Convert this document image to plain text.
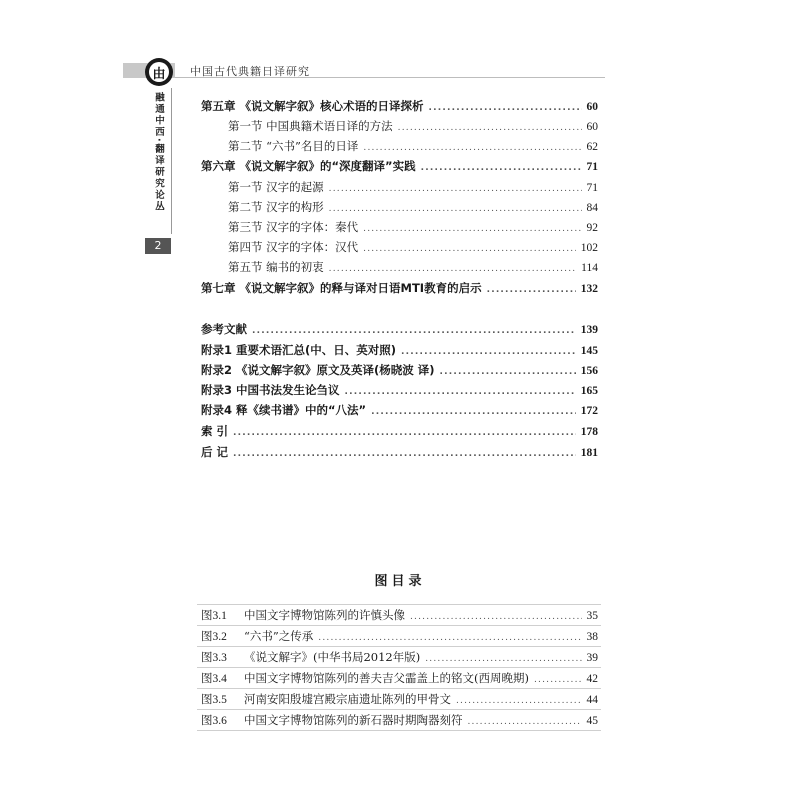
由	中国古代典籍日译研究
融通中西·翻译研究论丛
2
第五章 《说文解字叙》核心术语的日译探析 .....	60
第一节 中国典籍术语日译的方法 .....	60
第二节 “六书”名目的日译 .....	62
第六章 《说文解字叙》的“深度翻译”实践 .....	71
第一节 汉字的起源 .....	71
第二节 汉字的构形 .....	84
第三节 汉字的字体：秦代 .....	92
第四节 汉字的字体：汉代 .....	102
第五节 编书的初衷 .....	114
第七章 《说文解字叙》的释与译对日语MTI教育的启示 .....	132
参考文献 .....	139
附录1 重要术语汇总(中、日、英对照) .....	145
附录2 《说文解字叙》原文及英译(杨晓波 译) .....	156
附录3 中国书法发生论刍议 .....	165
附录4 释《续书谱》中的“八法” .....	172
索 引 .....	178
后 记 .....	181
图目录
图3.1	中国文字博物馆陈列的许慎头像 .....	35
图3.2	“六书”之传承 .....	38
图3.3	《说文解字》(中华书局2012年版) .....	39
图3.4	中国文字博物馆陈列的善夫吉父霝盖上的铭文(西周晚期) .....	42
图3.5	河南安阳殷墟宫殿宗庙遗址陈列的甲骨文 .....	44
图3.6	中国文字博物馆陈列的新石器时期陶器刻符 .....	45
